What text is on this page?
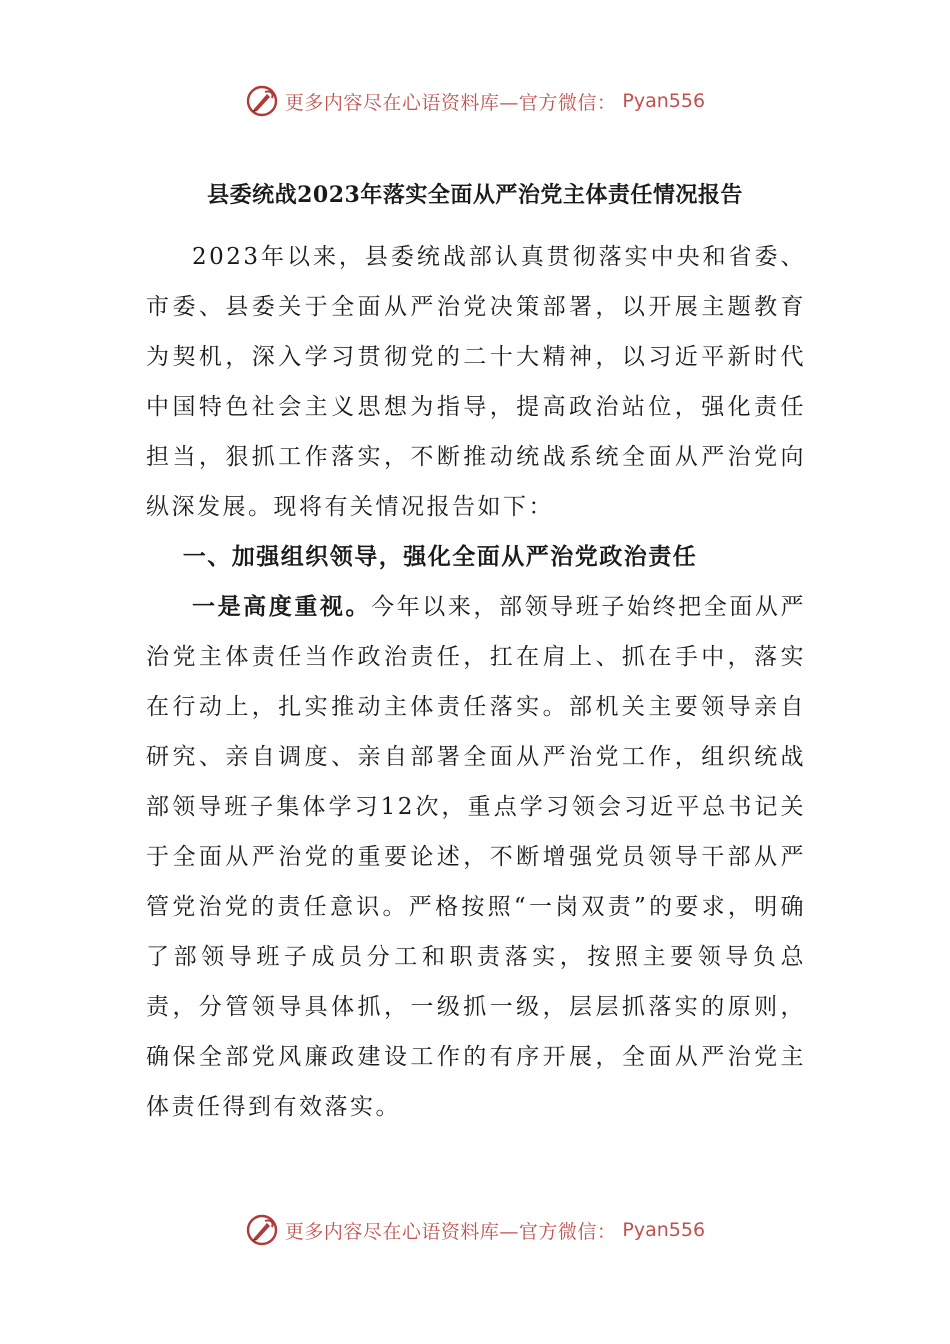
更多内容尽在心语资料库—官方微信： Pyan556
县委统战2023年落实全面从严治党主体责任情况报告

2023年以来，县委统战部认真贯彻落实中央和省委、市委、县委关于全面从严治党决策部署，以开展主题教育为契机，深入学习贯彻党的二十大精神，以习近平新时代中国特色社会主义思想为指导，提高政治站位，强化责任担当，狠抓工作落实，不断推动统战系统全面从严治党向纵深发展。现将有关情况报告如下：

一、加强组织领导，强化全面从严治党政治责任

一是高度重视。今年以来，部领导班子始终把全面从严治党主体责任当作政治责任，扛在肩上、抓在手中，落实在行动上，扎实推动主体责任落实。部机关主要领导亲自研究、亲自调度、亲自部署全面从严治党工作，组织统战部领导班子集体学习12次，重点学习领会习近平总书记关于全面从严治党的重要论述，不断增强党员领导干部从严管党治党的责任意识。严格按照“一岗双责”的要求，明确了部领导班子成员分工和职责落实，按照主要领导负总责，分管领导具体抓，一级抓一级，层层抓落实的原则，确保全部党风廉政建设工作的有序开展，全面从严治党主体责任得到有效落实。

更多内容尽在心语资料库—官方微信： Pyan556
